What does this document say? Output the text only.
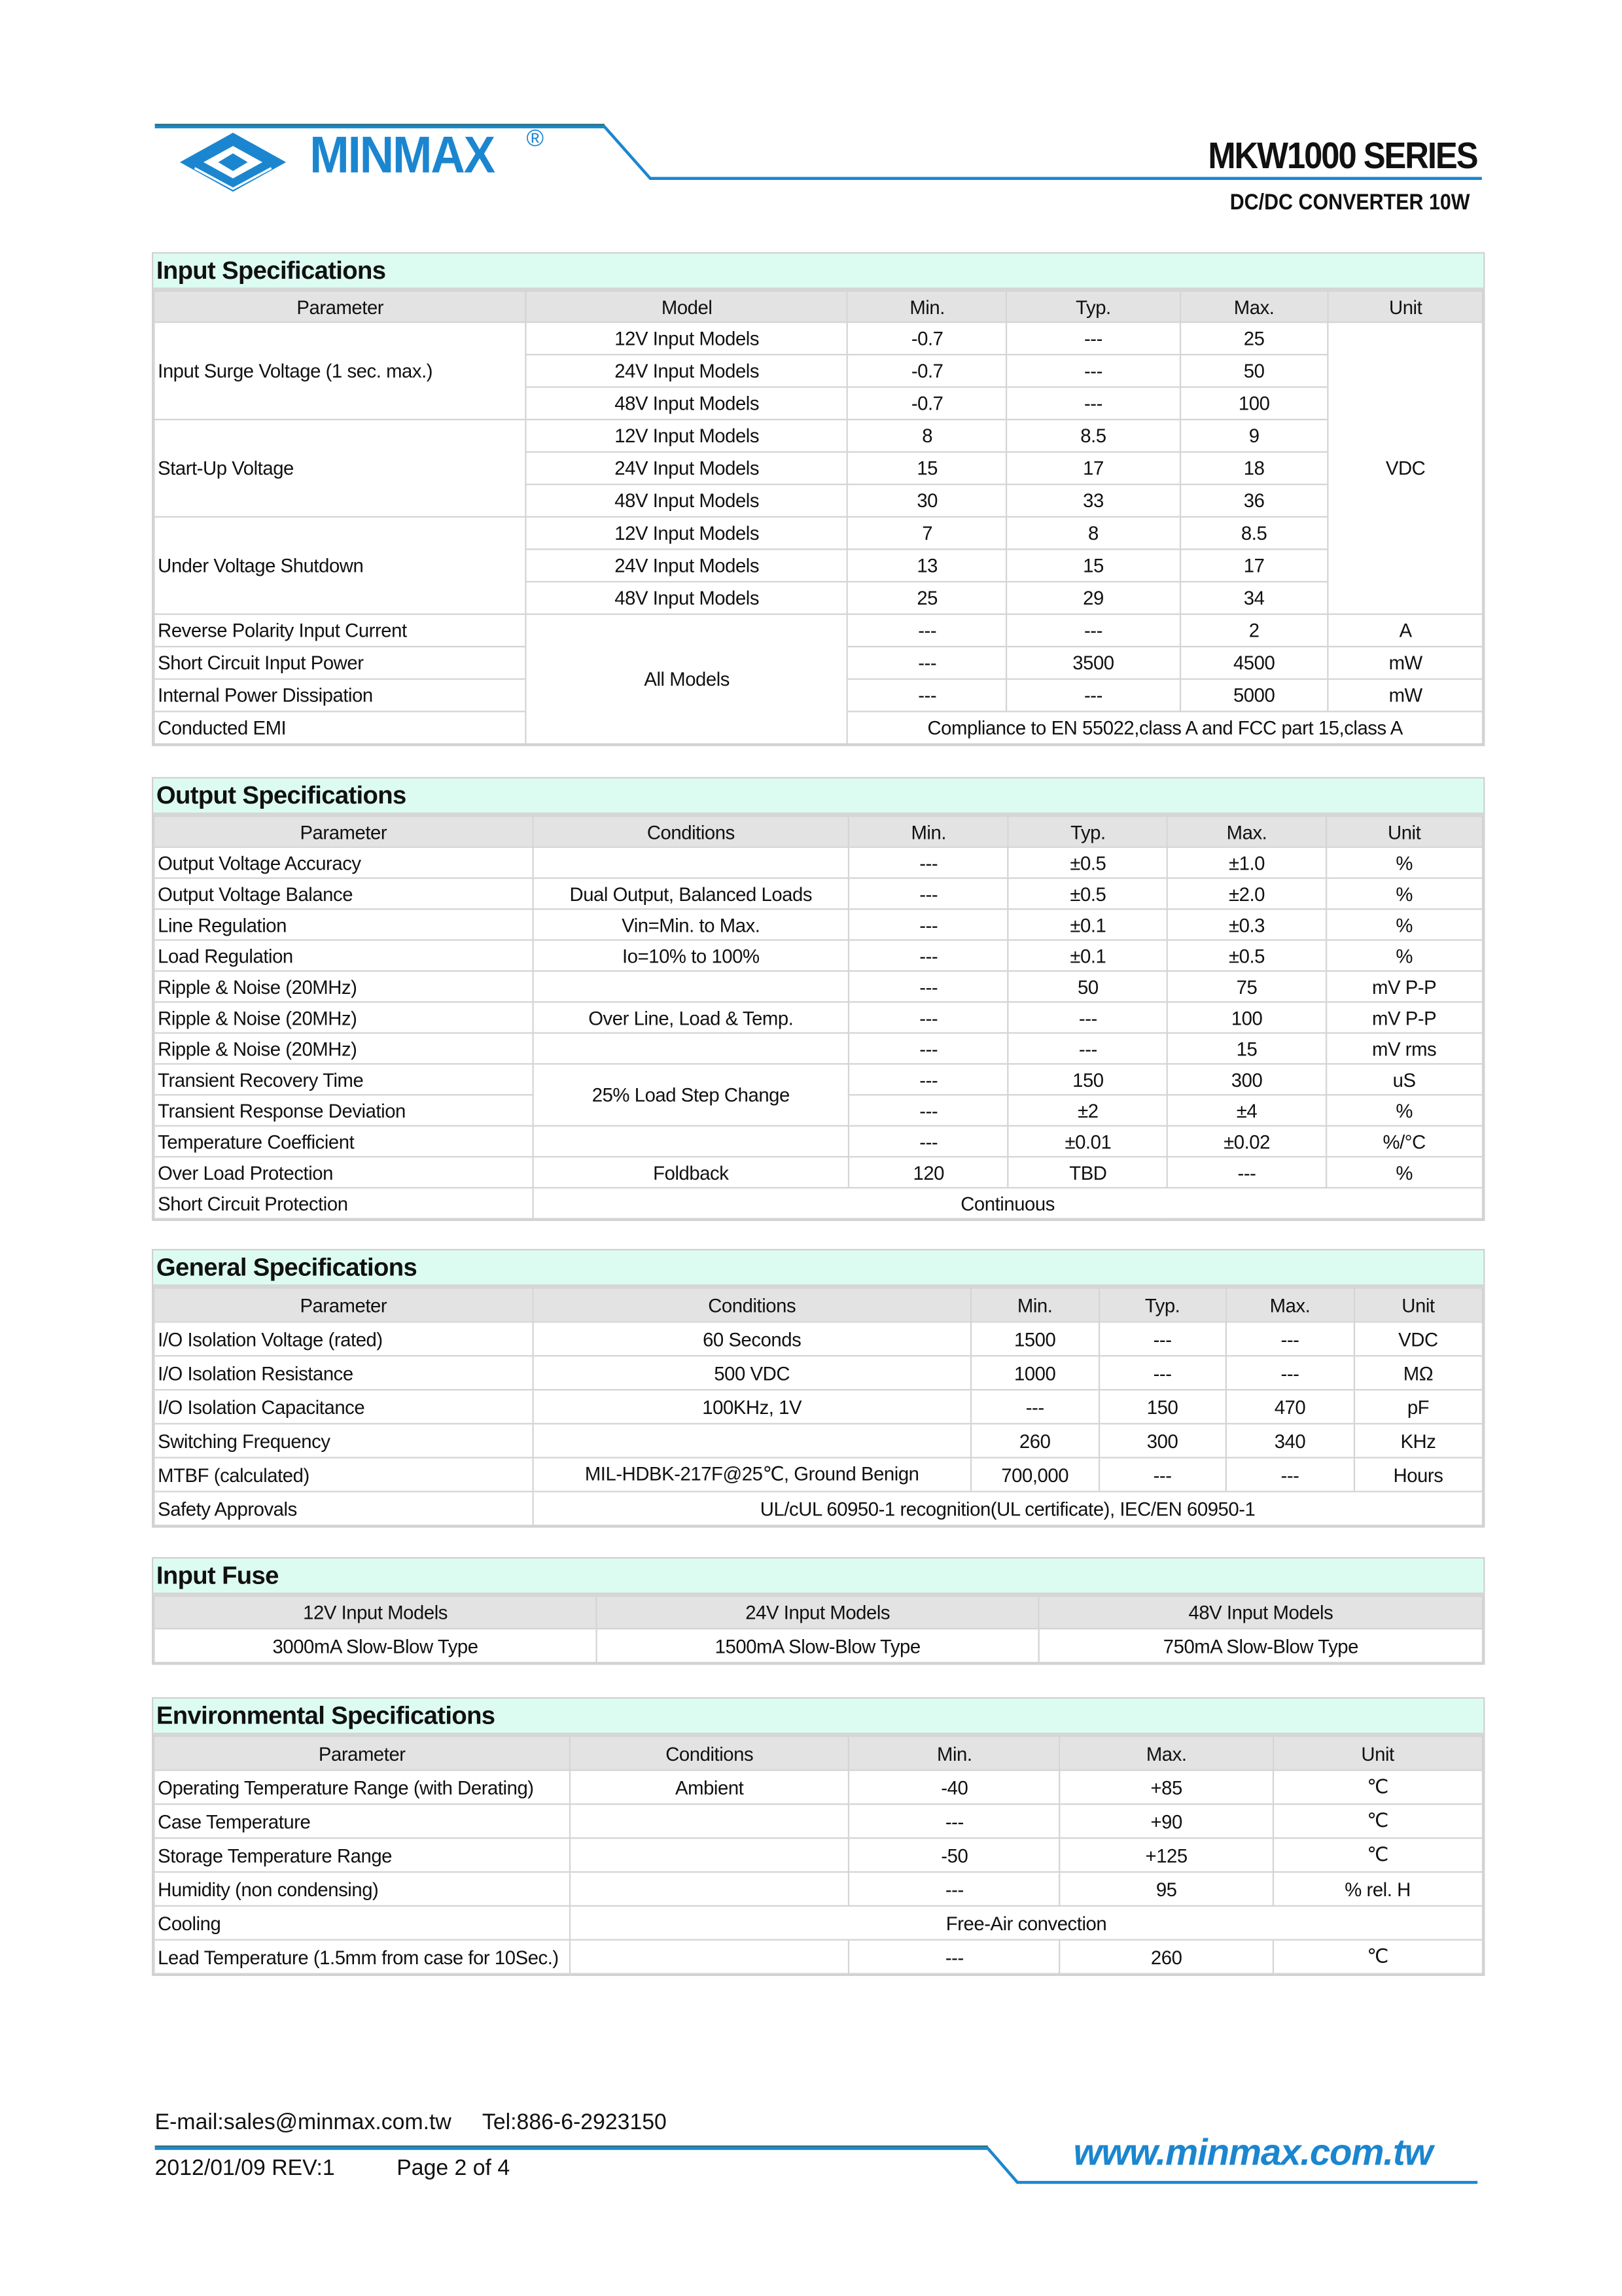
MINMAX	®	MKW1000 SERIES
DC/DC CONVERTER 10W
Input Specifications
Parameter	Model	Min.	Typ.	Max.	Unit
Input Surge Voltage (1 sec. max.)	12V Input Models	-0.7	---	25	VDC
	24V Input Models	-0.7	---	50	
	48V Input Models	-0.7	---	100	
Start-Up Voltage	12V Input Models	8	8.5	9	
	24V Input Models	15	17	18	
	48V Input Models	30	33	36	
Under Voltage Shutdown	12V Input Models	7	8	8.5	
	24V Input Models	13	15	17	
	48V Input Models	25	29	34	
Reverse Polarity Input Current	All Models	---	---	2	A
Short Circuit Input Power		---	3500	4500	mW
Internal Power Dissipation		---	---	5000	mW
Conducted EMI		Compliance to EN 55022,class A and FCC part 15,class A			
Output Specifications
Parameter	Conditions	Min.	Typ.	Max.	Unit
Output Voltage Accuracy		---	±0.5	±1.0	%
Output Voltage Balance	Dual Output, Balanced Loads	---	±0.5	±2.0	%
Line Regulation	Vin=Min. to Max.	---	±0.1	±0.3	%
Load Regulation	Io=10% to 100%	---	±0.1	±0.5	%
Ripple & Noise (20MHz)		---	50	75	mV P-P
Ripple & Noise (20MHz)	Over Line, Load & Temp.	---	---	100	mV P-P
Ripple & Noise (20MHz)		---	---	15	mV rms
Transient Recovery Time	25% Load Step Change	---	150	300	uS
Transient Response Deviation		---	±2	±4	%
Temperature Coefficient		---	±0.01	±0.02	%/°C
Over Load Protection	Foldback	120	TBD	---	%
Short Circuit Protection	Continuous				
General Specifications
Parameter	Conditions	Min.	Typ.	Max.	Unit
I/O Isolation Voltage (rated)	60 Seconds	1500	---	---	VDC
I/O Isolation Resistance	500 VDC	1000	---	---	MΩ
I/O Isolation Capacitance	100KHz, 1V	---	150	470	pF
Switching Frequency		260	300	340	KHz
MTBF (calculated)	MIL-HDBK-217F@25℃, Ground Benign	700,000	---	---	Hours
Safety Approvals	UL/cUL 60950-1 recognition(UL certificate), IEC/EN 60950-1				
Input Fuse
12V Input Models	24V Input Models	48V Input Models
3000mA Slow-Blow Type	1500mA Slow-Blow Type	750mA Slow-Blow Type
Environmental Specifications
Parameter	Conditions	Min.	Max.	Unit
Operating Temperature Range (with Derating)	Ambient	-40	+85	℃
Case Temperature		---	+90	℃
Storage Temperature Range		-50	+125	℃
Humidity (non condensing)		---	95	% rel. H
Cooling	Free-Air convection			
Lead Temperature (1.5mm from case for 10Sec.)		---	260	℃
E-mail:sales@minmax.com.tw	Tel:886-6-2923150
2012/01/09 REV:1	Page 2 of 4	www.minmax.com.tw
